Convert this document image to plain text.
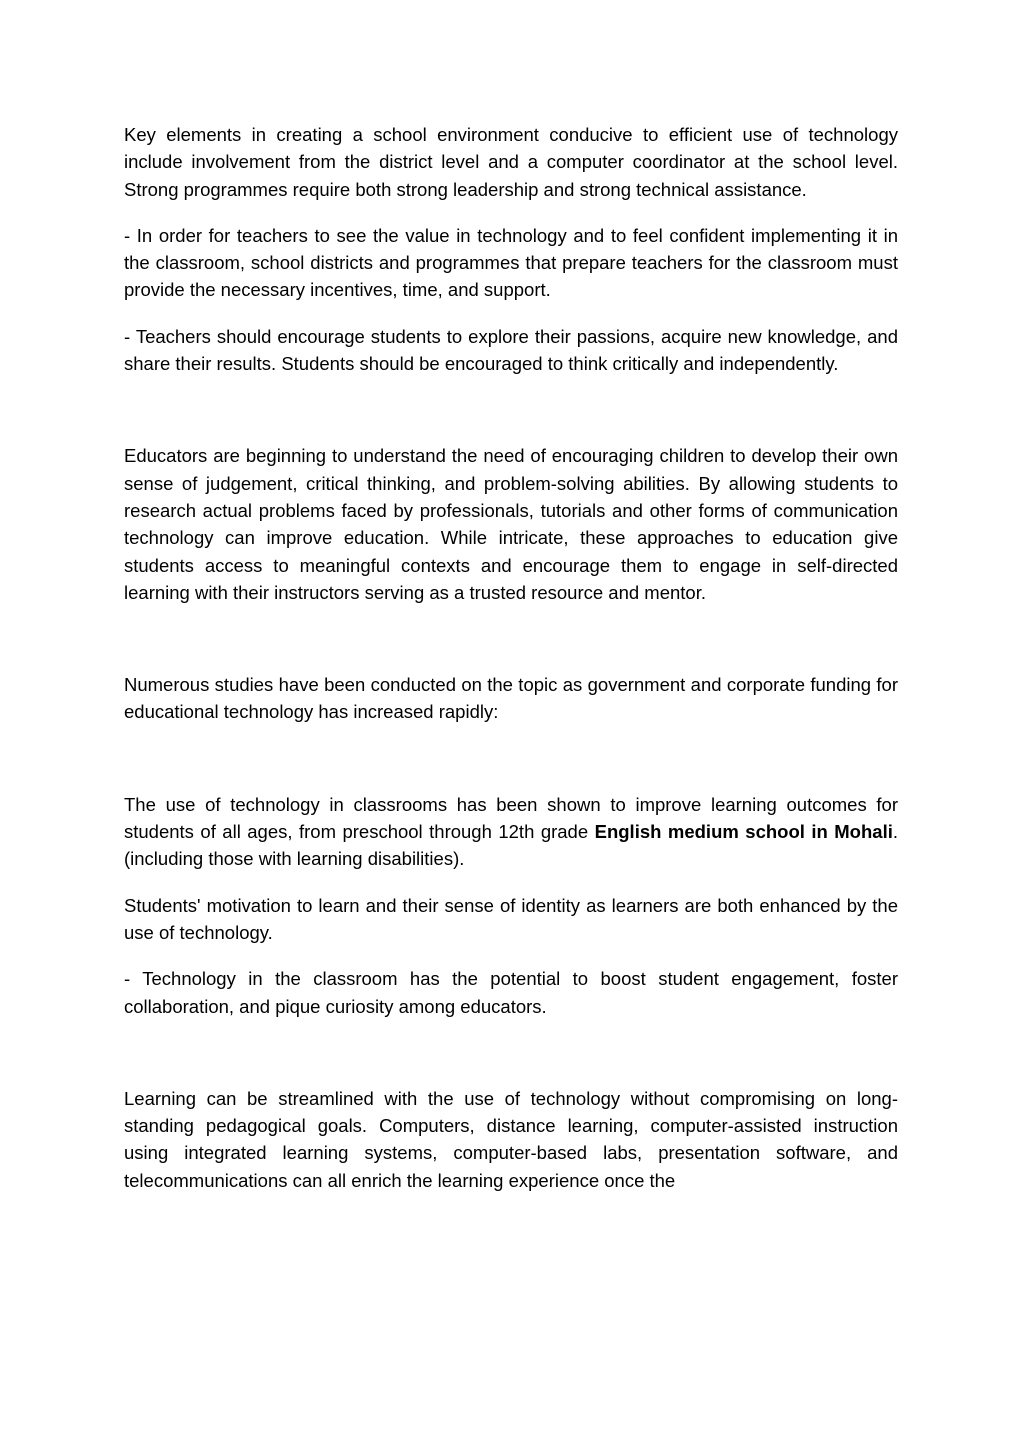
Key elements in creating a school environment conducive to efficient use of technology include involvement from the district level and a computer coordinator at the school level. Strong programmes require both strong leadership and strong technical assistance.

- In order for teachers to see the value in technology and to feel confident implementing it in the classroom, school districts and programmes that prepare teachers for the classroom must provide the necessary incentives, time, and support.

- Teachers should encourage students to explore their passions, acquire new knowledge, and share their results. Students should be encouraged to think critically and independently.

Educators are beginning to understand the need of encouraging children to develop their own sense of judgement, critical thinking, and problem-solving abilities. By allowing students to research actual problems faced by professionals, tutorials and other forms of communication technology can improve education. While intricate, these approaches to education give students access to meaningful contexts and encourage them to engage in self-directed learning with their instructors serving as a trusted resource and mentor.

Numerous studies have been conducted on the topic as government and corporate funding for educational technology has increased rapidly:

The use of technology in classrooms has been shown to improve learning outcomes for students of all ages, from preschool through 12th grade English medium school in Mohali.(including those with learning disabilities).

Students' motivation to learn and their sense of identity as learners are both enhanced by the use of technology.

- Technology in the classroom has the potential to boost student engagement, foster collaboration, and pique curiosity among educators.

Learning can be streamlined with the use of technology without compromising on long-standing pedagogical goals. Computers, distance learning, computer-assisted instruction using integrated learning systems, computer-based labs, presentation software, and telecommunications can all enrich the learning experience once the
